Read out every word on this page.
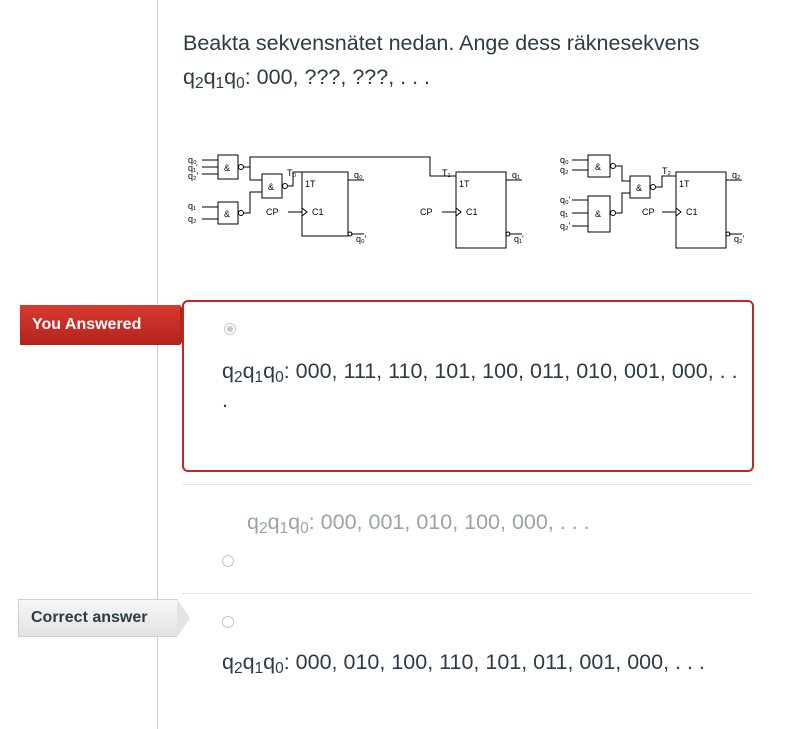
Beakta sekvensnätet nedan. Ange dess räknesekvens
$q_2q_1q_0$: 000, ???, ???, . . .
q₀
q₁'
q₂'
q₁
q₂
&
&
&
T₀
1T
C1
CP
q₀
q₀'
T₁
1T
C1
CP
q₁
q₁'
q₀
q₂
q₀'
q₁
q₂'
&
&
&
T₂
1T
C1
CP
q₂
q₂'
You Answered
$q_2q_1q_0$: 000, 111, 110, 101, 100, 011, 010, 001, 000, . . .
$q_2q_1q_0$: 000, 001, 010, 100, 000, . . .
Correct answer
$q_2q_1q_0$: 000, 010, 100, 110, 101, 011, 001, 000, . . .
